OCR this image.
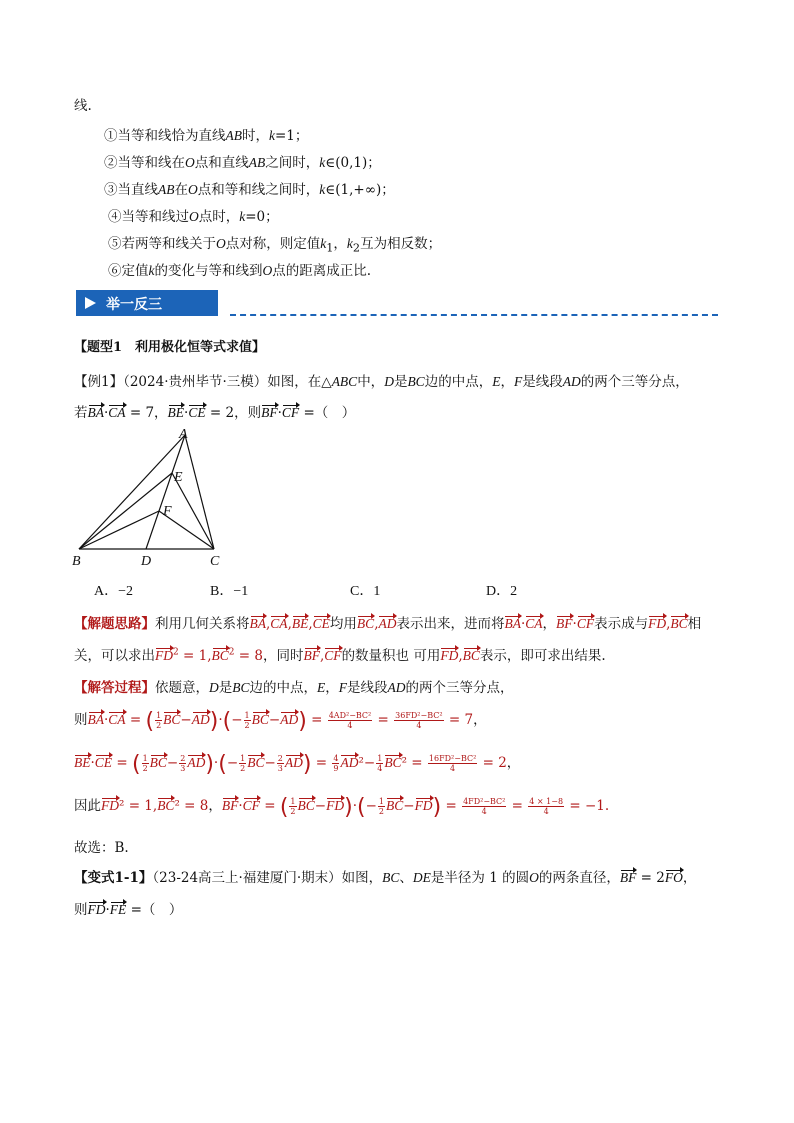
线.
①当等和线恰为直线AB时，k=1；
②当等和线在O点和直线AB之间时，k∈(0,1)；
③当直线AB在O点和等和线之间时，k∈(1,+∞)；
④当等和线过O点时，k=0；
⑤若两等和线关于O点对称，则定值$k_1$，$k_2$互为相反数；
⑥定值k的变化与等和线到O点的距离成正比.
举一反三
【题型1　利用极化恒等式求值】
【例1】（2024·贵州毕节·三模）如图，在△ABC中，D是BC边的中点，E，F是线段AD的两个三等分点，
若BA·CA = 7，BE·CE = 2，则BF·CF =（　）
A
E
F
B	D	C
A．−2	B．−1	C．1	D．2
【解题思路】利用几何关系将BA,CA,BE,CE均用BC,AD表示出来，进而将BA·CA，BF·CF表示成与FD,BC相
关，可以求出$FD^2 = 1,BC^2 = 8$，同时BF,CF的数量积也 可用FD,BC表示，即可求出结果.
【解答过程】依题意，D是BC边的中点，E，F是线段AD的两个三等分点，
则BA·CA = ( $\frac{1}{2} BC-AD)\cdot(- \frac{1}{2} BC-AD) = \frac{\text{4AD²−BC²}}{4} = \frac{\text{36FD²−BC²}}{4} = 7$，
BE·CE = ( $\frac{1}{2} BC- \frac{2}{3} AD)\cdot(- \frac{1}{2} BC- \frac{2}{3} AD) = \frac{4}{9} AD^2- \frac{1}{4} BC^2 = \frac{\text{16FD²−BC²}}{4} = 2$，
因此FD² = 1,BC² = 8，BF·CF = ( $\frac{1}{2} BC-FD)\cdot(- \frac{1}{2} BC-FD) = \frac{\text{4FD²−BC²}}{4} = \frac{4 \times 1-8}{4} = -1$.
故选：B.
【变式1-1】（23-24高三上·福建厦门·期末）如图，BC、DE是半径为 1 的圆O的两条直径，BF = 2FO，
则FD·FE =（　）
